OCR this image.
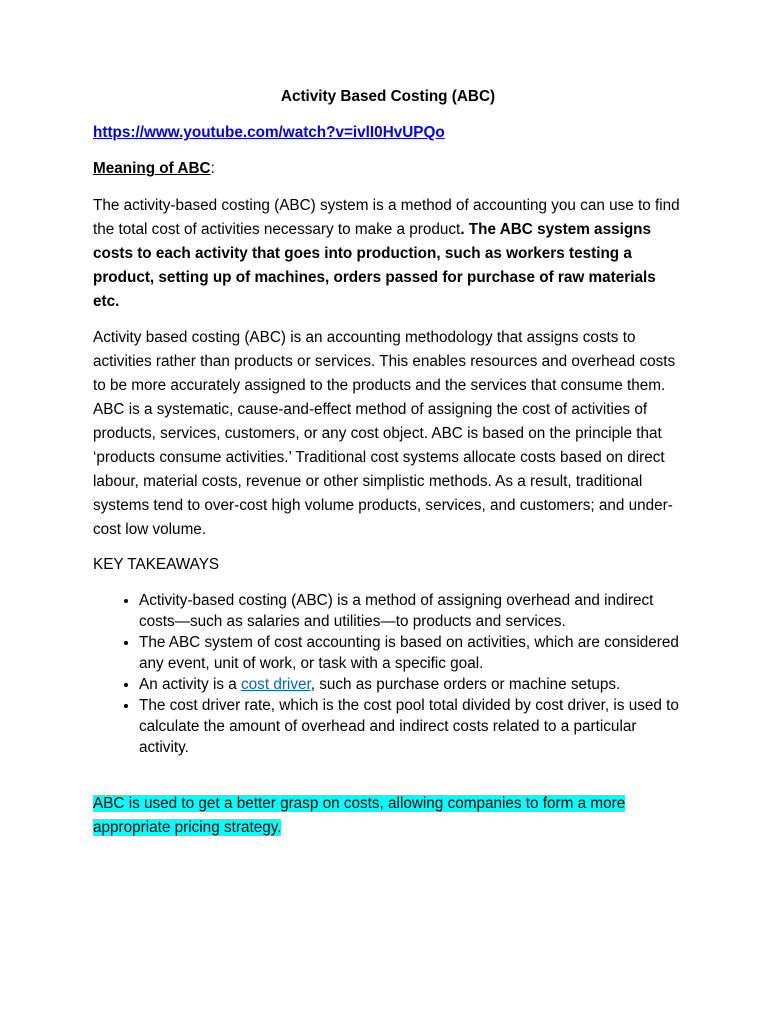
Activity Based Costing (ABC)

https://www.youtube.com/watch?v=ivlI0HvUPQo

Meaning of ABC:

The activity-based costing (ABC) system is a method of accounting you can use to find the total cost of activities necessary to make a product. The ABC system assigns costs to each activity that goes into production, such as workers testing a product, setting up of machines, orders passed for purchase of raw materials etc.

Activity based costing (ABC) is an accounting methodology that assigns costs to activities rather than products or services. This enables resources and overhead costs to be more accurately assigned to the products and the services that consume them. ABC is a systematic, cause-and-effect method of assigning the cost of activities of products, services, customers, or any cost object. ABC is based on the principle that ‘products consume activities.’ Traditional cost systems allocate costs based on direct labour, material costs, revenue or other simplistic methods. As a result, traditional systems tend to over-cost high volume products, services, and customers; and under-cost low volume.

KEY TAKEAWAYS

• Activity-based costing (ABC) is a method of assigning overhead and indirect costs—such as salaries and utilities—to products and services.
• The ABC system of cost accounting is based on activities, which are considered any event, unit of work, or task with a specific goal.
• An activity is a cost driver, such as purchase orders or machine setups.
• The cost driver rate, which is the cost pool total divided by cost driver, is used to calculate the amount of overhead and indirect costs related to a particular activity.

ABC is used to get a better grasp on costs, allowing companies to form a more appropriate pricing strategy.
